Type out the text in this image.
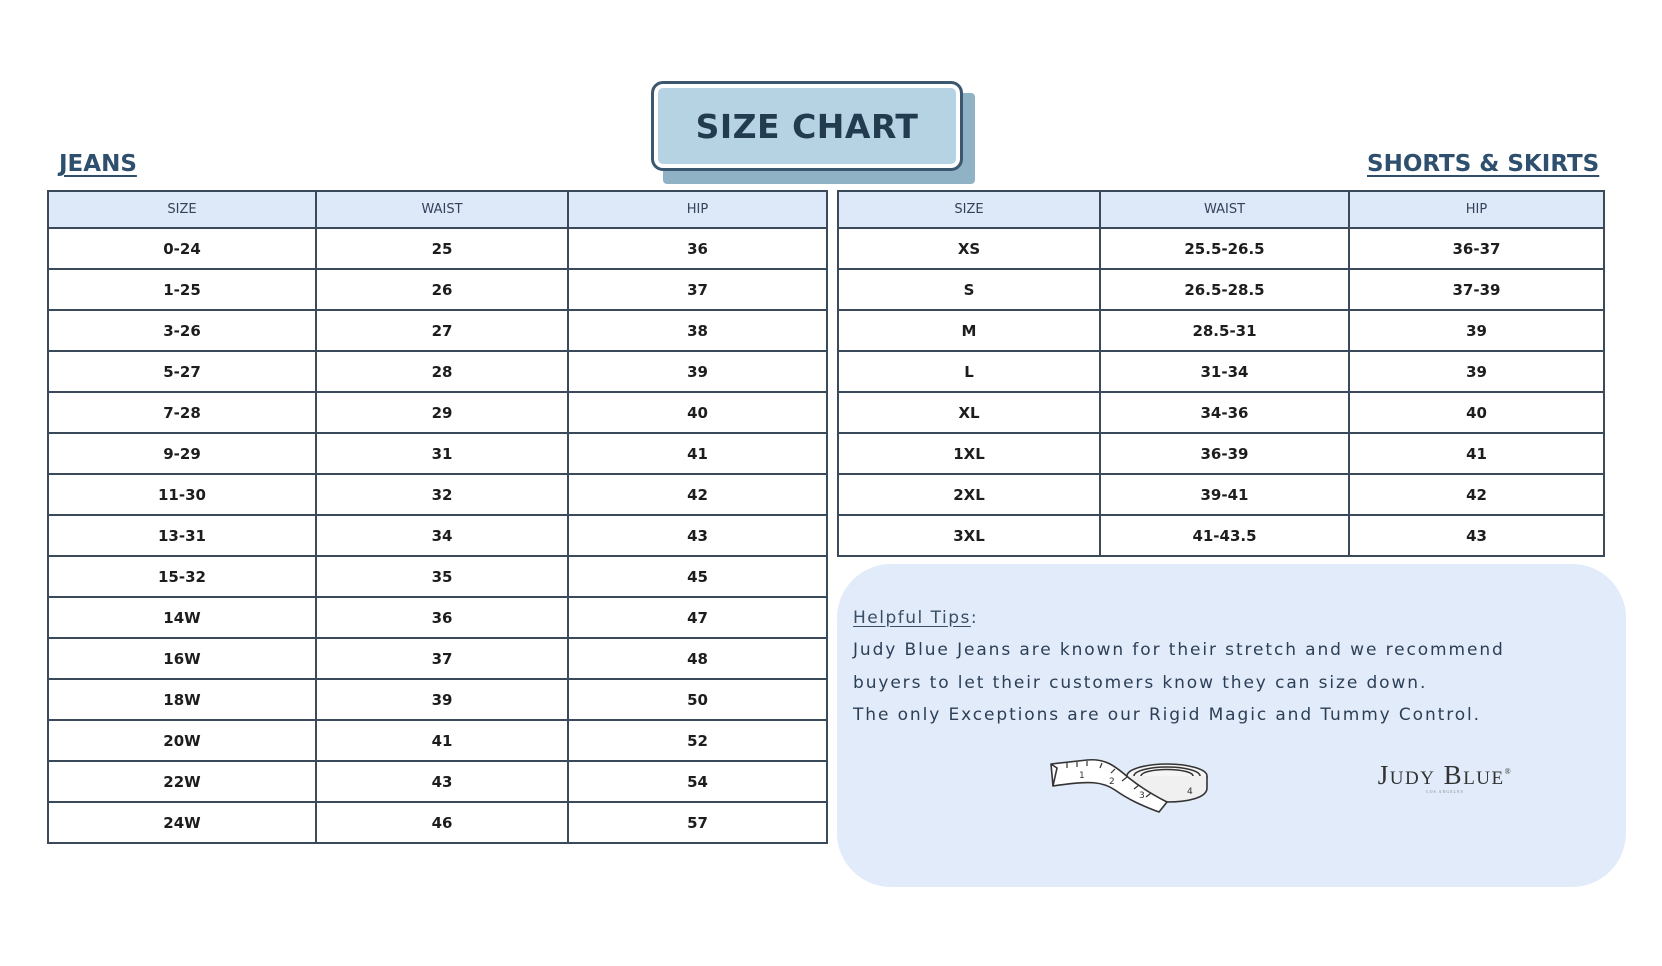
SIZE CHART
JEANS	SHORTS & SKIRTS
SIZE	WAIST	HIP
0-24	25	36
1-25	26	37
3-26	27	38
5-27	28	39
7-28	29	40
9-29	31	41
11-30	32	42
13-31	34	43
15-32	35	45
14W	36	47
16W	37	48
18W	39	50
20W	41	52
22W	43	54
24W	46	57
SIZE	WAIST	HIP
XS	25.5-26.5	36-37
S	26.5-28.5	37-39
M	28.5-31	39
L	31-34	39
XL	34-36	40
1XL	36-39	41
2XL	39-41	42
3XL	41-43.5	43
Helpful Tips:
Judy Blue Jeans are known for their stretch and we recommend
buyers to let their customers know they can size down.
The only Exceptions are our Rigid Magic and Tummy Control.
1
2
3	4
Judy Blue®
LOS ANGELES
